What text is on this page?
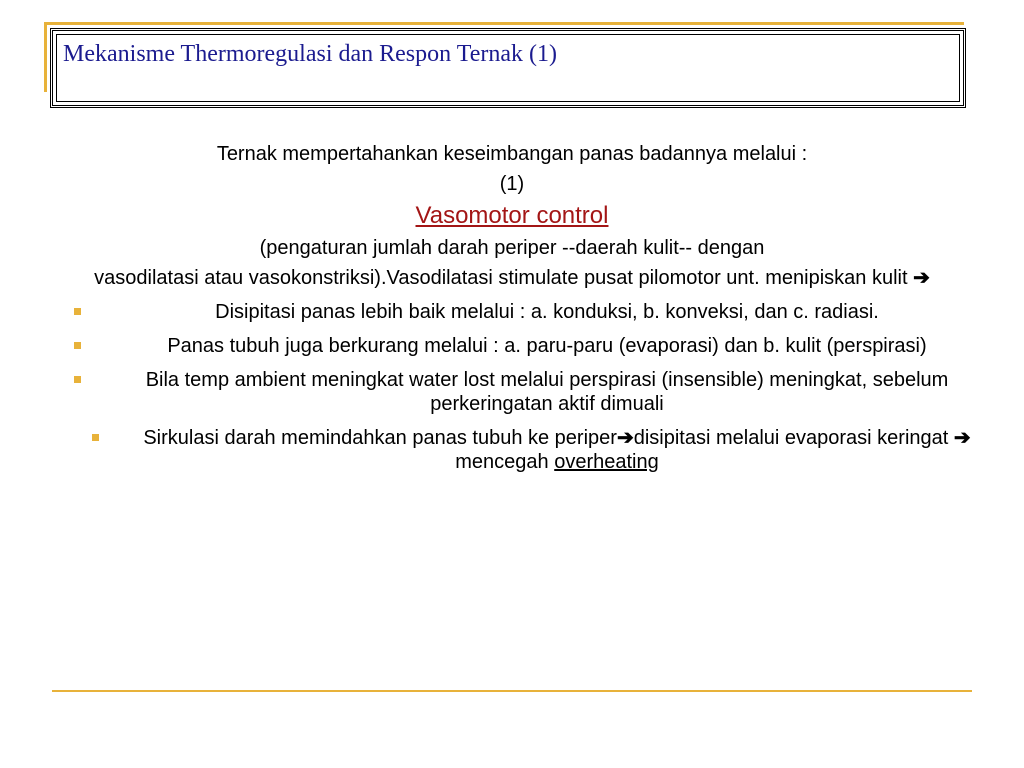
Mekanisme Thermoregulasi dan Respon Ternak (1)

Ternak mempertahankan keseimbangan panas badannya melalui :

(1)

Vasomotor control

(pengaturan jumlah darah periper --daerah kulit-- dengan

vasodilatasi atau vasokonstriksi).Vasodilatasi stimulate pusat pilomotor unt. menipiskan kulit ➔

Disipitasi panas lebih baik melalui : a. konduksi, b. konveksi, dan c. radiasi.
Panas tubuh juga berkurang melalui : a. paru-paru (evaporasi) dan b. kulit (perspirasi)
Bila temp ambient meningkat water lost melalui perspirasi (insensible) meningkat, sebelum perkeringatan aktif dimuali
Sirkulasi darah memindahkan panas tubuh ke periper➔disipitasi melalui evaporasi keringat ➔ mencegah overheating
